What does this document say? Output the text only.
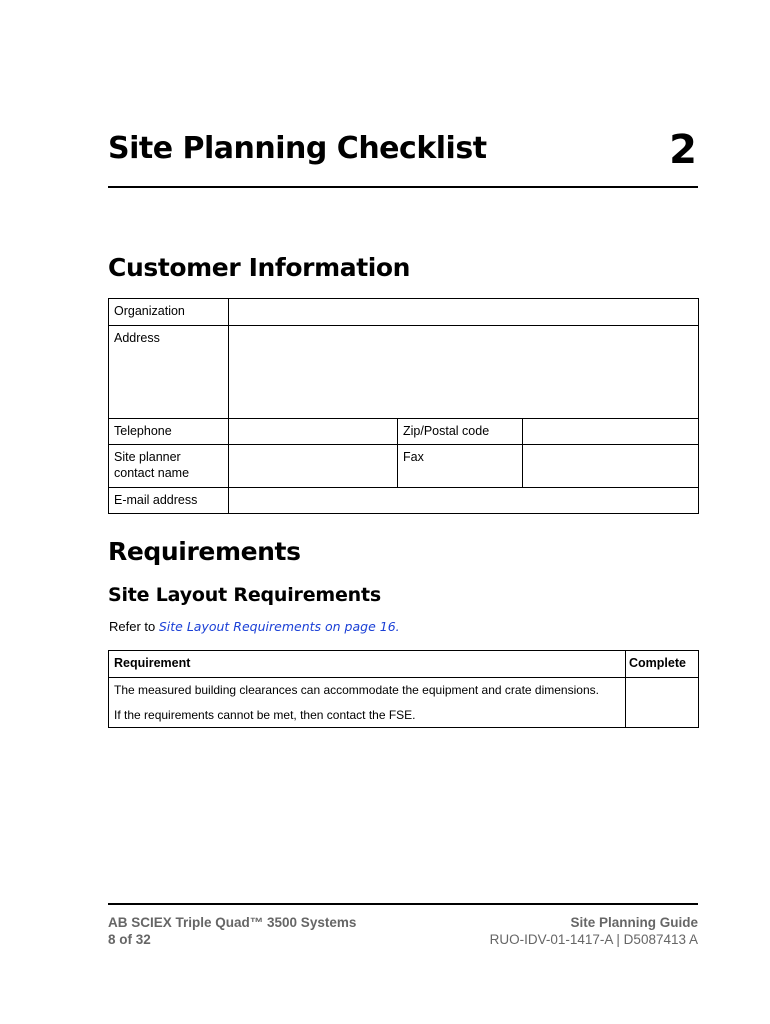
Site Planning Checklist	2
Customer Information
Organization			
Address			
Telephone		Zip/Postal code	
Site planner contact name		Fax	
E-mail address			
Requirements
Site Layout Requirements
Refer to Site Layout Requirements on page 16.
Requirement	Complete

The measured building clearances can accommodate the equipment and crate dimensions.
If the requirements cannot be met, then contact the FSE.	

AB SCIEX Triple Quad™ 3500 Systems
8 of 32
Site Planning Guide
RUO-IDV-01-1417-A | D5087413 A
